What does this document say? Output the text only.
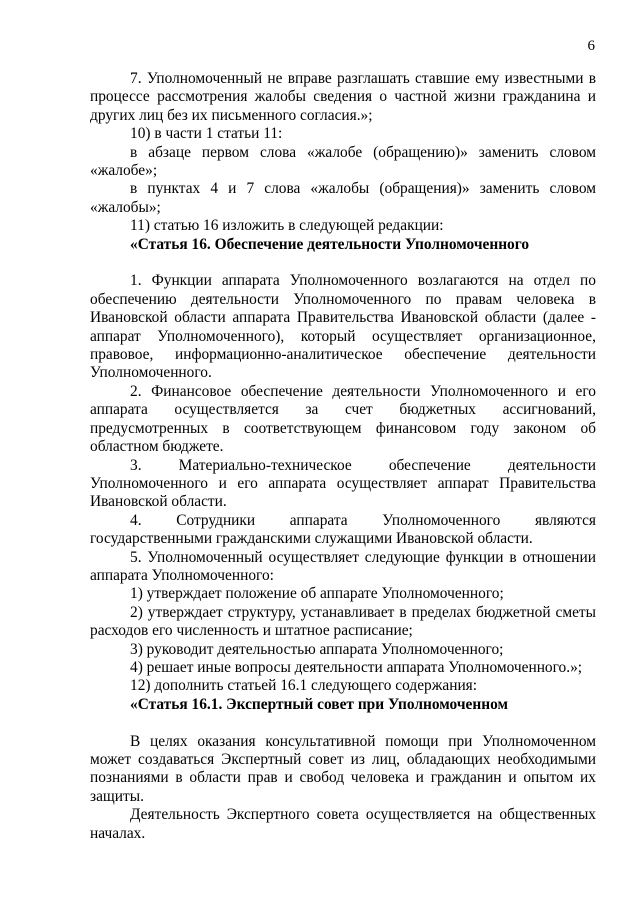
6

7. Уполномоченный не вправе разглашать ставшие ему известными в процессе рассмотрения жалобы сведения о частной жизни гражданина и других лиц без их письменного согласия.»;

10) в части 1 статьи 11:

в абзаце первом слова «жалобе (обращению)» заменить словом «жалобе»;

в пунктах 4 и 7 слова «жалобы (обращения)» заменить словом «жалобы»;

11) статью 16 изложить в следующей редакции:

«Статья 16. Обеспечение деятельности Уполномоченного

1. Функции аппарата Уполномоченного возлагаются на отдел по обеспечению деятельности Уполномоченного по правам человека в Ивановской области аппарата Правительства Ивановской области (далее - аппарат Уполномоченного), который осуществляет организационное, правовое, информационно-аналитическое обеспечение деятельности Уполномоченного.

2. Финансовое обеспечение деятельности Уполномоченного и его аппарата осуществляется за счет бюджетных ассигнований, предусмотренных в соответствующем финансовом году законом об областном бюджете.

3. Материально-техническое обеспечение деятельности Уполномоченного и его аппарата осуществляет аппарат Правительства Ивановской области.

4. Сотрудники аппарата Уполномоченного являются государственными гражданскими служащими Ивановской области.

5. Уполномоченный осуществляет следующие функции в отношении аппарата Уполномоченного:

1) утверждает положение об аппарате Уполномоченного;

2) утверждает структуру, устанавливает в пределах бюджетной сметы расходов его численность и штатное расписание;

3) руководит деятельностью аппарата Уполномоченного;

4) решает иные вопросы деятельности аппарата Уполномоченного.»;

12) дополнить статьей 16.1 следующего содержания:

«Статья 16.1. Экспертный совет при Уполномоченном

В целях оказания консультативной помощи при Уполномоченном может создаваться Экспертный совет из лиц, обладающих необходимыми познаниями в области прав и свобод человека и гражданин и опытом их защиты.

Деятельность Экспертного совета осуществляется на общественных началах.
